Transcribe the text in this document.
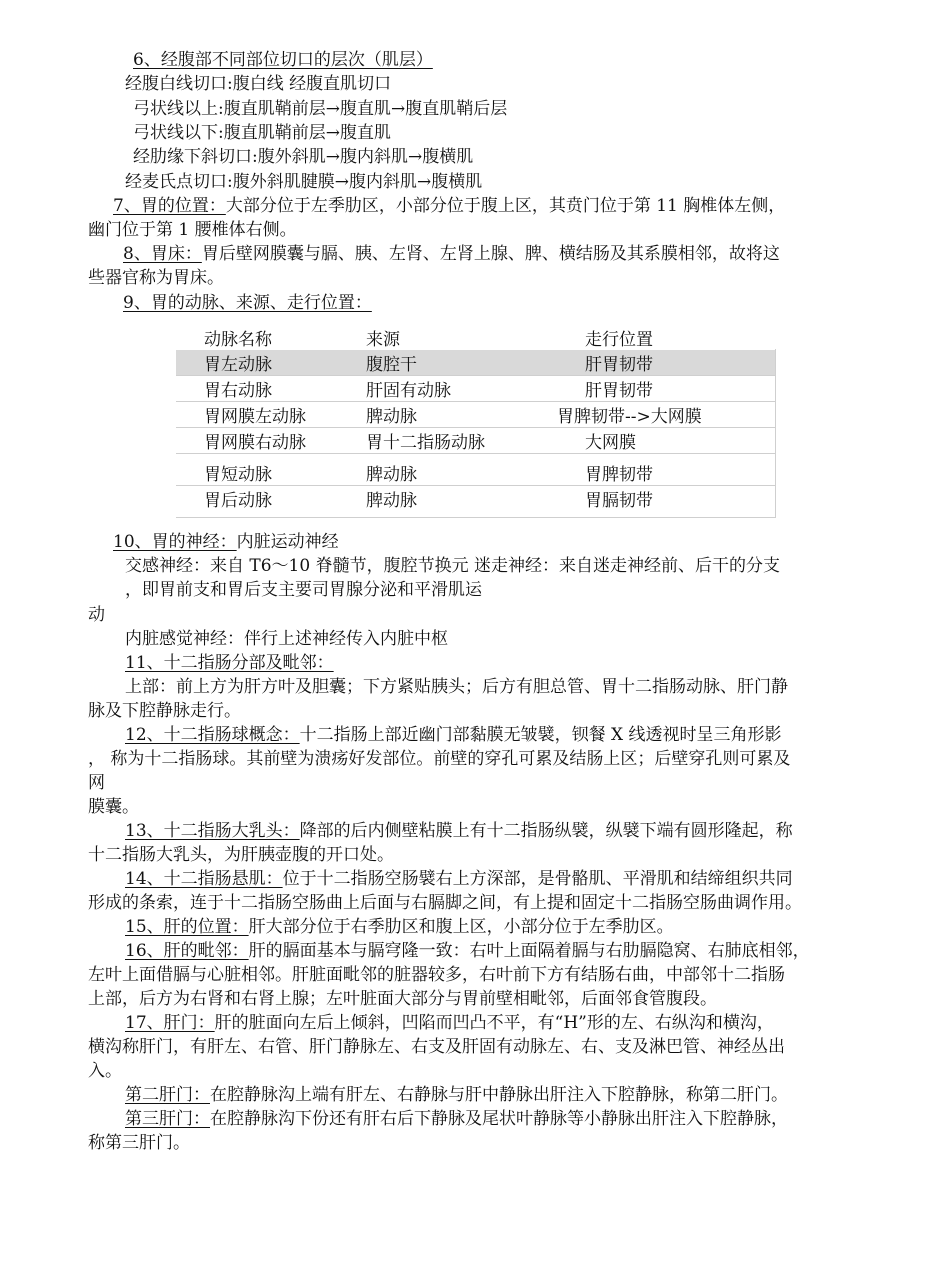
6、经腹部不同部位切口的层次（肌层）
经腹白线切口:腹白线 经腹直肌切口
弓状线以上:腹直肌鞘前层→腹直肌→腹直肌鞘后层
弓状线以下:腹直肌鞘前层→腹直肌
经肋缘下斜切口:腹外斜肌→腹内斜肌→腹横肌
经麦氏点切口:腹外斜肌腱膜→腹内斜肌→腹横肌
7、胃的位置：大部分位于左季肋区，小部分位于腹上区，其贲门位于第 11 胸椎体左侧，
幽门位于第 1 腰椎体右侧。
8、胃床：胃后壁网膜囊与膈、胰、左肾、左肾上腺、脾、横结肠及其系膜相邻，故将这
些器官称为胃床。
9、胃的动脉、来源、走行位置：
动脉名称	来源	走行位置
胃左动脉	腹腔干	肝胃韧带
胃右动脉	肝固有动脉	肝胃韧带
胃网膜左动脉	脾动脉	胃脾韧带-->大网膜
胃网膜右动脉	胃十二指肠动脉	大网膜
胃短动脉	脾动脉	胃脾韧带
胃后动脉	脾动脉	胃膈韧带
10、胃的神经：内脏运动神经
交感神经：来自 T6～10 脊髓节，腹腔节换元 迷走神经：来自迷走神经前、后干的分支
，即胃前支和胃后支主要司胃腺分泌和平滑肌运
动
内脏感觉神经：伴行上述神经传入内脏中枢
11、十二指肠分部及毗邻：
上部：前上方为肝方叶及胆囊；下方紧贴胰头；后方有胆总管、胃十二指肠动脉、肝门静
脉及下腔静脉走行。
12、十二指肠球概念：十二指肠上部近幽门部黏膜无皱襞，钡餐 X 线透视时呈三角形影
， 称为十二指肠球。其前壁为溃疡好发部位。前壁的穿孔可累及结肠上区；后壁穿孔则可累及
网
膜囊。
13、十二指肠大乳头：降部的后内侧壁粘膜上有十二指肠纵襞，纵襞下端有圆形隆起，称
十二指肠大乳头，为肝胰壶腹的开口处。
14、十二指肠悬肌：位于十二指肠空肠襞右上方深部，是骨骼肌、平滑肌和结缔组织共同
形成的条索，连于十二指肠空肠曲上后面与右膈脚之间，有上提和固定十二指肠空肠曲调作用。
15、肝的位置：肝大部分位于右季肋区和腹上区，小部分位于左季肋区。
16、肝的毗邻：肝的膈面基本与膈穹隆一致：右叶上面隔着膈与右肋膈隐窝、右肺底相邻，
左叶上面借膈与心脏相邻。肝脏面毗邻的脏器较多，右叶前下方有结肠右曲，中部邻十二指肠
上部，后方为右肾和右肾上腺；左叶脏面大部分与胃前壁相毗邻，后面邻食管腹段。
17、肝门：肝的脏面向左后上倾斜，凹陷而凹凸不平，有“H”形的左、右纵沟和横沟，
横沟称肝门，有肝左、右管、肝门静脉左、右支及肝固有动脉左、右、支及淋巴管、神经丛出
入。
第二肝门：在腔静脉沟上端有肝左、右静脉与肝中静脉出肝注入下腔静脉，称第二肝门。
第三肝门：在腔静脉沟下份还有肝右后下静脉及尾状叶静脉等小静脉出肝注入下腔静脉，
称第三肝门。
